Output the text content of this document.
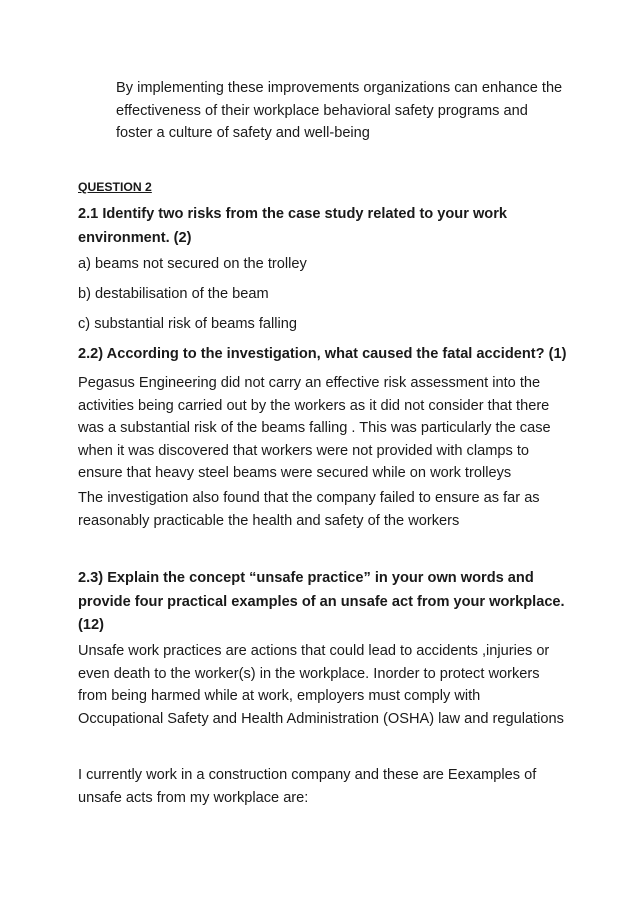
By implementing these improvements organizations can enhance the
effectiveness of their workplace behavioral safety programs and
foster a culture of safety and well-being
QUESTION 2
2.1 Identify two risks from the case study related to your work
environment. (2)
a) beams not secured on the trolley
b) destabilisation of the beam
c) substantial risk of beams falling
2.2) According to the investigation, what caused the fatal accident? (1)
Pegasus Engineering did not carry an effective risk assessment into the
activities being carried out by the workers as it did not consider that there
was a substantial risk of the beams falling . This was particularly the case
when it was discovered that workers were not provided with clamps to
ensure that heavy steel beams were secured while on work trolleys
The investigation also found that the company failed to ensure as far as
reasonably practicable the health and safety of the workers
2.3) Explain the concept “unsafe practice” in your own words and
provide four practical examples of an unsafe act from your workplace.
(12)
Unsafe work practices are actions that could lead to accidents ,injuries or
even death to the worker(s) in the workplace. Inorder to protect workers
from being harmed while at work, employers must comply with
Occupational Safety and Health Administration (OSHA) law and regulations
I currently work in a construction company and these are Eexamples of
unsafe acts from my workplace are:
